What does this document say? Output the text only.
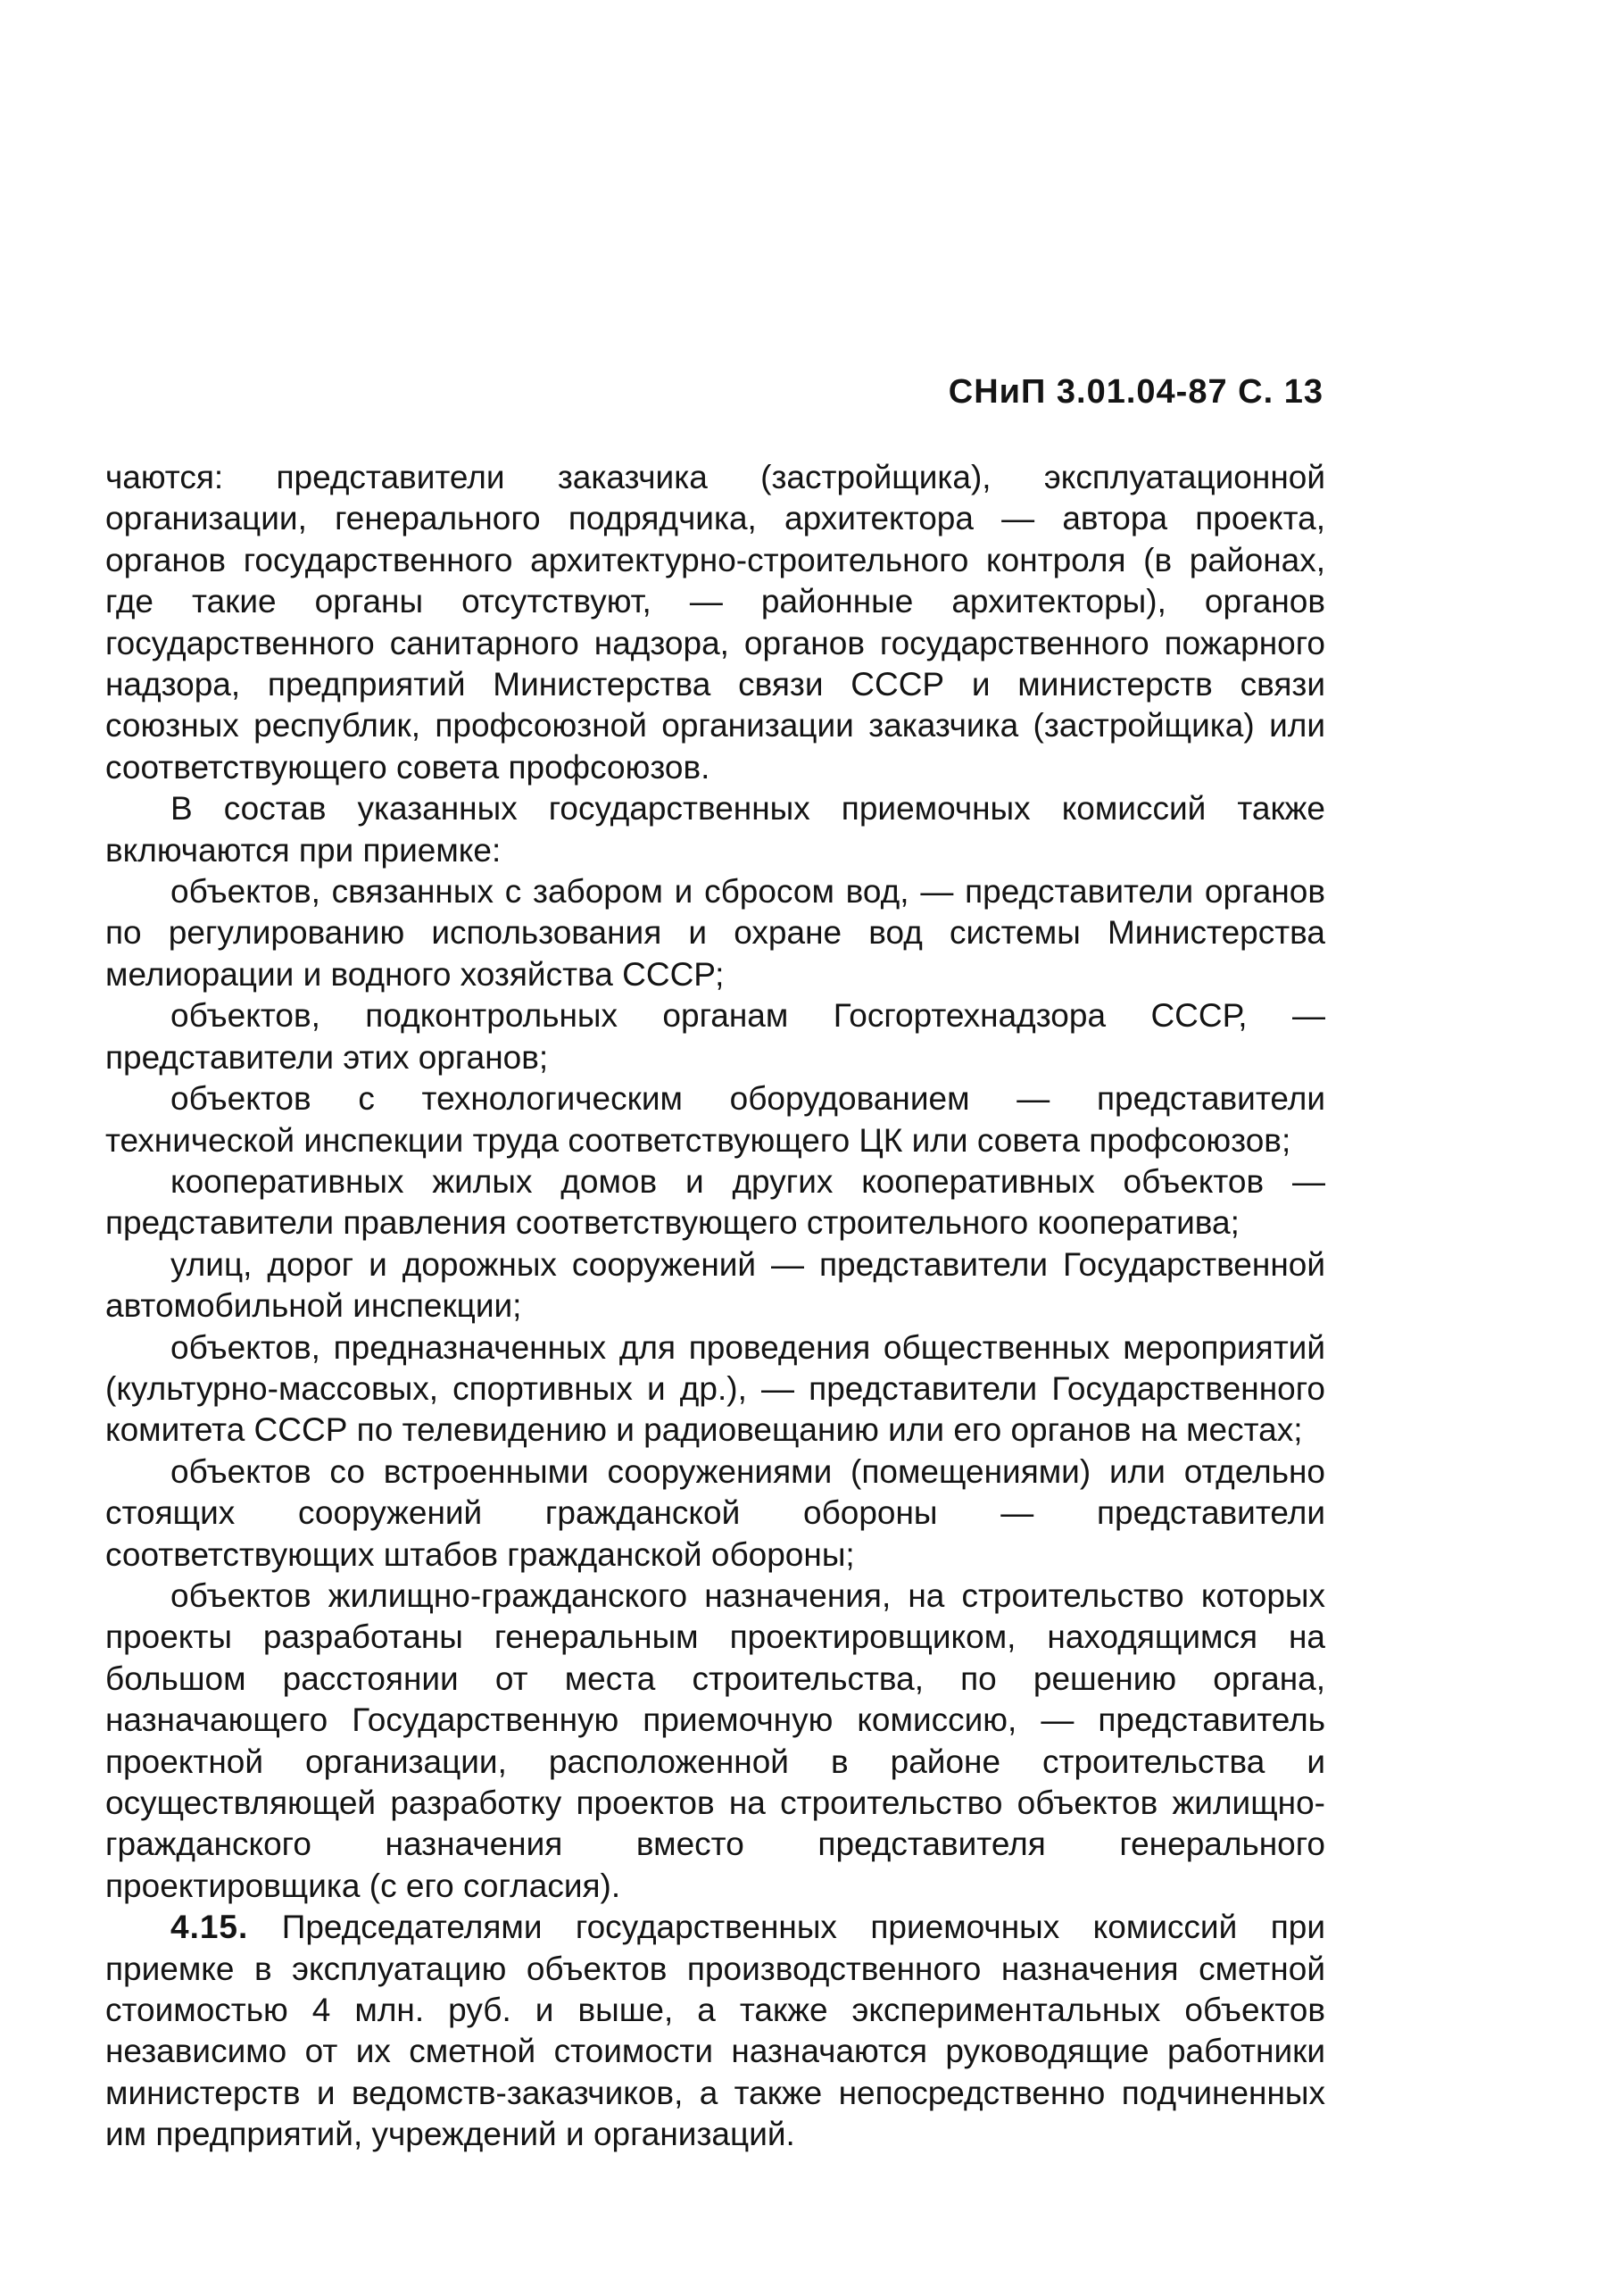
СНиП 3.01.04-87 С. 13

чаются: представители заказчика (застройщика), эксплуатационной организации, генерального подрядчика, архитектора — автора проекта, органов государственного архитектурно-строительного контроля (в районах, где такие органы отсутствуют, — районные архитекторы), органов государственного санитарного надзора, органов государственного пожарного надзора, предприятий Министерства связи СССР и министерств связи союзных республик, профсоюзной организации заказчика (застройщика) или соответствующего совета профсоюзов.

В состав указанных государственных приемочных комиссий также включаются при приемке:

объектов, связанных с забором и сбросом вод, — представители органов по регулированию использования и охране вод системы Министерства мелиорации и водного хозяйства СССР;

объектов, подконтрольных органам Госгортехнадзора СССР, — представители этих органов;

объектов с технологическим оборудованием — представители технической инспекции труда соответствующего ЦК или совета профсоюзов;

кооперативных жилых домов и других кооперативных объектов — представители правления соответствующего строительного кооператива;

улиц, дорог и дорожных сооружений — представители Государственной автомобильной инспекции;

объектов, предназначенных для проведения общественных мероприятий (культурно-массовых, спортивных и др.), — представители Государственного комитета СССР по телевидению и радиовещанию или его органов на местах;

объектов со встроенными сооружениями (помещениями) или отдельно стоящих сооружений гражданской обороны — представители соответствующих штабов гражданской обороны;

объектов жилищно-гражданского назначения, на строительство которых проекты разработаны генеральным проектировщиком, находящимся на большом расстоянии от места строительства, по решению органа, назначающего Государственную приемочную комиссию, — представитель проектной организации, расположенной в районе строительства и осуществляющей разработку проектов на строительство объектов жилищно-гражданского назначения вместо представителя генерального проектировщика (с его согласия).

4.15. Председателями государственных приемочных комиссий при приемке в эксплуатацию объектов производственного назначения сметной стоимостью 4 млн. руб. и выше, а также экспериментальных объектов независимо от их сметной стоимости назначаются руководящие работники министерств и ведомств-заказчиков, а также непосредственно подчиненных им предприятий, учреждений и организаций.
